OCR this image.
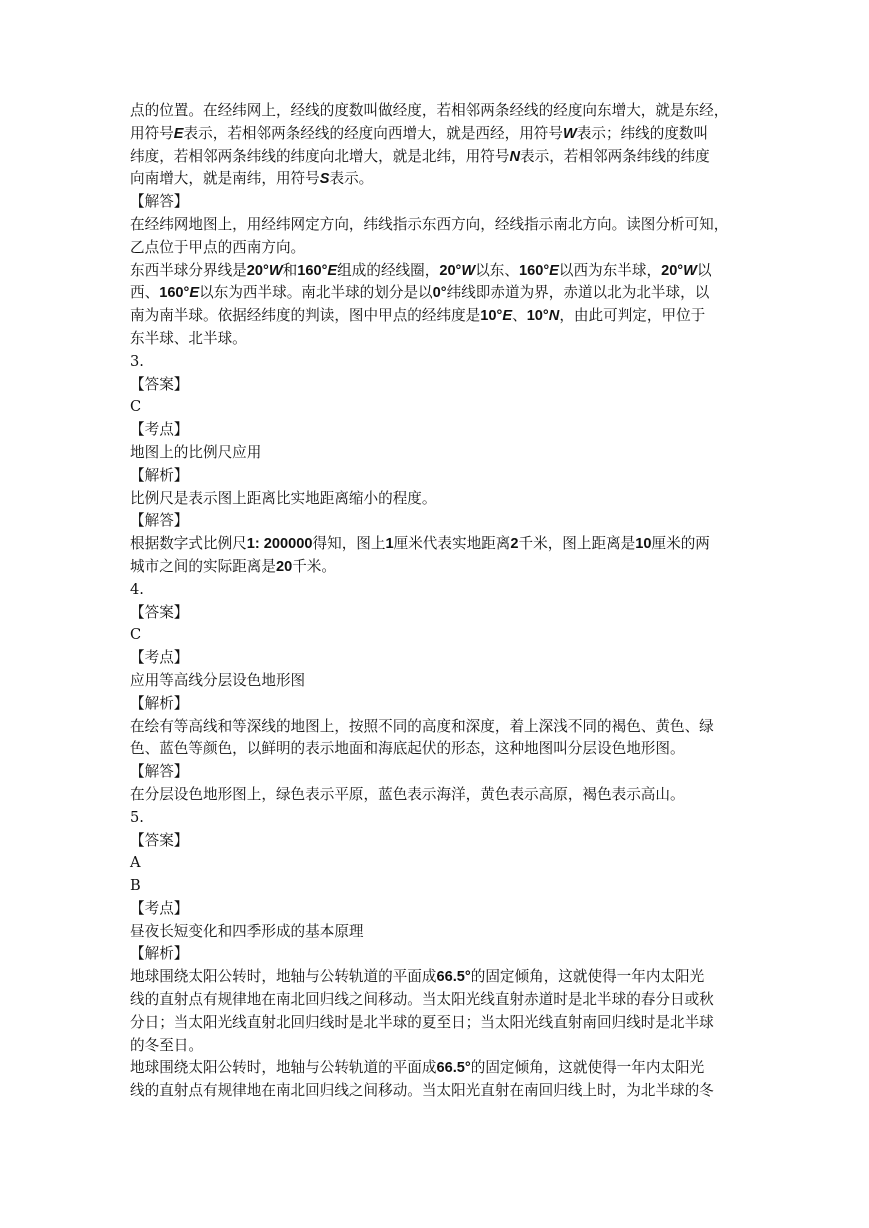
点的位置。在经纬网上，经线的度数叫做经度，若相邻两条经线的经度向东增大，就是东经，
用符号E表示，若相邻两条经线的经度向西增大，就是西经，用符号W表示；纬线的度数叫
纬度，若相邻两条纬线的纬度向北增大，就是北纬，用符号N表示，若相邻两条纬线的纬度
向南增大，就是南纬，用符号S表示。
【解答】
在经纬网地图上，用经纬网定方向，纬线指示东西方向，经线指示南北方向。读图分析可知，
乙点位于甲点的西南方向。
东西半球分界线是20°W和160°E组成的经线圈，20°W以东、160°E以西为东半球，20°W以
西、160°E以东为西半球。南北半球的划分是以0°纬线即赤道为界，赤道以北为北半球，以
南为南半球。依据经纬度的判读，图中甲点的经纬度是10°E、10°N，由此可判定，甲位于
东半球、北半球。
3.
【答案】
C
【考点】
地图上的比例尺应用
【解析】
比例尺是表示图上距离比实地距离缩小的程度。
【解答】
根据数字式比例尺1: 200000得知，图上1厘米代表实地距离2千米，图上距离是10厘米的两
城市之间的实际距离是20千米。
4.
【答案】
C
【考点】
应用等高线分层设色地形图
【解析】
在绘有等高线和等深线的地图上，按照不同的高度和深度，着上深浅不同的褐色、黄色、绿
色、蓝色等颜色，以鲜明的表示地面和海底起伏的形态，这种地图叫分层设色地形图。
【解答】
在分层设色地形图上，绿色表示平原，蓝色表示海洋，黄色表示高原，褐色表示高山。
5.
【答案】
A
B
【考点】
昼夜长短变化和四季形成的基本原理
【解析】
地球围绕太阳公转时，地轴与公转轨道的平面成66.5°的固定倾角，这就使得一年内太阳光
线的直射点有规律地在南北回归线之间移动。当太阳光线直射赤道时是北半球的春分日或秋
分日；当太阳光线直射北回归线时是北半球的夏至日；当太阳光线直射南回归线时是北半球
的冬至日。
地球围绕太阳公转时，地轴与公转轨道的平面成66.5°的固定倾角，这就使得一年内太阳光
线的直射点有规律地在南北回归线之间移动。当太阳光直射在南回归线上时，为北半球的冬
